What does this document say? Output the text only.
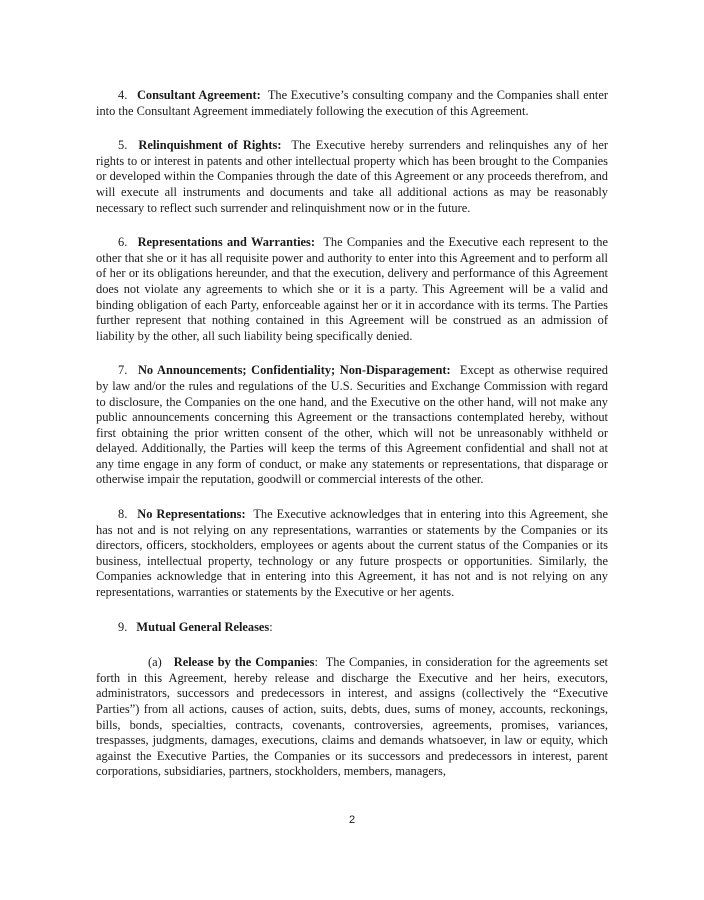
4. Consultant Agreement: The Executive’s consulting company and the Companies shall enter into the Consultant Agreement immediately following the execution of this Agreement.

5. Relinquishment of Rights: The Executive hereby surrenders and relinquishes any of her rights to or interest in patents and other intellectual property which has been brought to the Companies or developed within the Companies through the date of this Agreement or any proceeds therefrom, and will execute all instruments and documents and take all additional actions as may be reasonably necessary to reflect such surrender and relinquishment now or in the future.

6. Representations and Warranties: The Companies and the Executive each represent to the other that she or it has all requisite power and authority to enter into this Agreement and to perform all of her or its obligations hereunder, and that the execution, delivery and performance of this Agreement does not violate any agreements to which she or it is a party. This Agreement will be a valid and binding obligation of each Party, enforceable against her or it in accordance with its terms. The Parties further represent that nothing contained in this Agreement will be construed as an admission of liability by the other, all such liability being specifically denied.

7. No Announcements; Confidentiality; Non-Disparagement: Except as otherwise required by law and/or the rules and regulations of the U.S. Securities and Exchange Commission with regard to disclosure, the Companies on the one hand, and the Executive on the other hand, will not make any public announcements concerning this Agreement or the transactions contemplated hereby, without first obtaining the prior written consent of the other, which will not be unreasonably withheld or delayed. Additionally, the Parties will keep the terms of this Agreement confidential and shall not at any time engage in any form of conduct, or make any statements or representations, that disparage or otherwise impair the reputation, goodwill or commercial interests of the other.

8. No Representations: The Executive acknowledges that in entering into this Agreement, she has not and is not relying on any representations, warranties or statements by the Companies or its directors, officers, stockholders, employees or agents about the current status of the Companies or its business, intellectual property, technology or any future prospects or opportunities. Similarly, the Companies acknowledge that in entering into this Agreement, it has not and is not relying on any representations, warranties or statements by the Executive or her agents.

9. Mutual General Releases:

(a) Release by the Companies:  The Companies, in consideration for the agreements set forth in this Agreement, hereby release and discharge the Executive and her heirs, executors, administrators, successors and predecessors in interest, and assigns (collectively the “Executive Parties”) from all actions, causes of action, suits, debts, dues, sums of money, accounts, reckonings, bills, bonds, specialties, contracts, covenants, controversies, agreements, promises, variances, trespasses, judgments, damages, executions, claims and demands whatsoever, in law or equity, which against the Executive Parties, the Companies or its successors and predecessors in interest, parent corporations, subsidiaries, partners, stockholders, members, managers,

2
